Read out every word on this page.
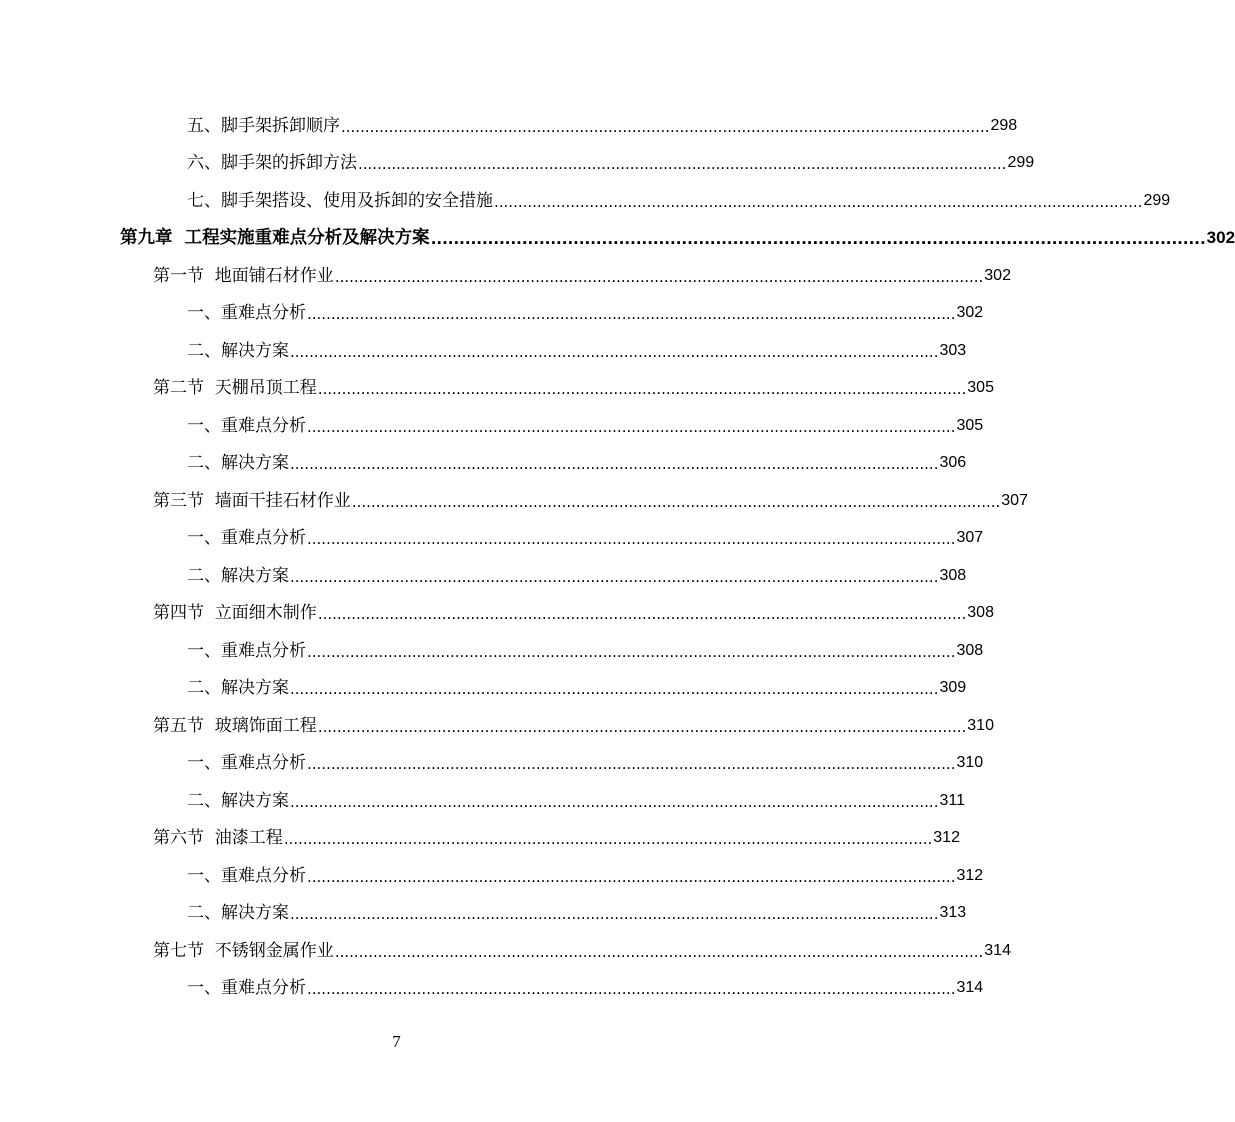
五、脚手架拆卸顺序 ........................................................................................................................................ 298
六、脚手架的拆卸方法 ........................................................................................................................................ 299
七、脚手架搭设、使用及拆卸的安全措施 ........................................................................................................................................ 299
第九章  工程实施重难点分析及解决方案 ........................................................................................................................................ 302
第一节  地面铺石材作业 ........................................................................................................................................ 302
一、重难点分析 ........................................................................................................................................ 302
二、解决方案 ........................................................................................................................................ 303
第二节  天棚吊顶工程 ........................................................................................................................................ 305
一、重难点分析 ........................................................................................................................................ 305
二、解决方案 ........................................................................................................................................ 306
第三节  墙面干挂石材作业 ........................................................................................................................................ 307
一、重难点分析 ........................................................................................................................................ 307
二、解决方案 ........................................................................................................................................ 308
第四节  立面细木制作 ........................................................................................................................................ 308
一、重难点分析 ........................................................................................................................................ 308
二、解决方案 ........................................................................................................................................ 309
第五节  玻璃饰面工程 ........................................................................................................................................ 310
一、重难点分析 ........................................................................................................................................ 310
二、解决方案 ........................................................................................................................................ 311
第六节  油漆工程 ........................................................................................................................................ 312
一、重难点分析 ........................................................................................................................................ 312
二、解决方案 ........................................................................................................................................ 313
第七节  不锈钢金属作业 ........................................................................................................................................ 314
一、重难点分析 ........................................................................................................................................ 314
7
